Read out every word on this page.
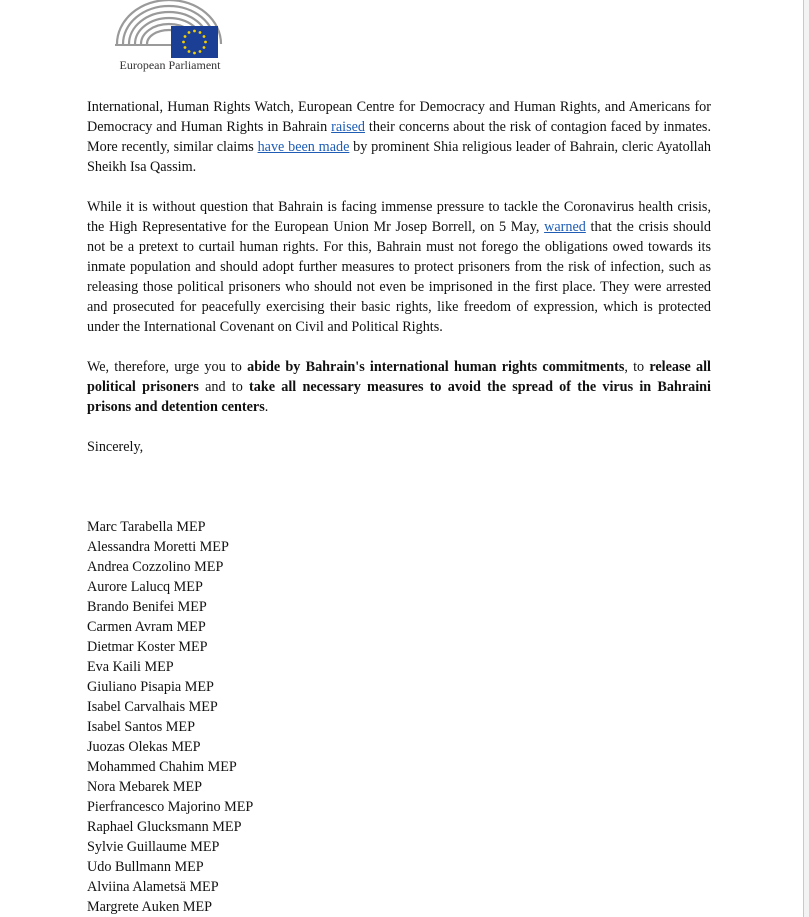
European Parliament

International, Human Rights Watch, European Centre for Democracy and Human Rights, and Americans for Democracy and Human Rights in Bahrain raised their concerns about the risk of contagion faced by inmates. More recently, similar claims have been made by prominent Shia religious leader of Bahrain, cleric Ayatollah Sheikh Isa Qassim.

While it is without question that Bahrain is facing immense pressure to tackle the Coronavirus health crisis, the High Representative for the European Union Mr Josep Borrell, on 5 May, warned that the crisis should not be a pretext to curtail human rights. For this, Bahrain must not forego the obligations owed towards its inmate population and should adopt further measures to protect prisoners from the risk of infection, such as releasing those political prisoners who should not even be imprisoned in the first place. They were arrested and prosecuted for peacefully exercising their basic rights, like freedom of expression, which is protected under the International Covenant on Civil and Political Rights.

We, therefore, urge you to abide by Bahrain's international human rights commitments, to release all political prisoners and to take all necessary measures to avoid the spread of the virus in Bahraini prisons and detention centers.

Sincerely,

Marc Tarabella MEP
Alessandra Moretti MEP
Andrea Cozzolino MEP
Aurore Lalucq MEP
Brando Benifei MEP
Carmen Avram MEP
Dietmar Koster MEP
Eva Kaili MEP
Giuliano Pisapia MEP
Isabel Carvalhais MEP
Isabel Santos MEP
Juozas Olekas MEP
Mohammed Chahim MEP
Nora Mebarek MEP
Pierfrancesco Majorino MEP
Raphael Glucksmann MEP
Sylvie Guillaume MEP
Udo Bullmann MEP
Alviina Alametsä MEP
Margrete Auken MEP
